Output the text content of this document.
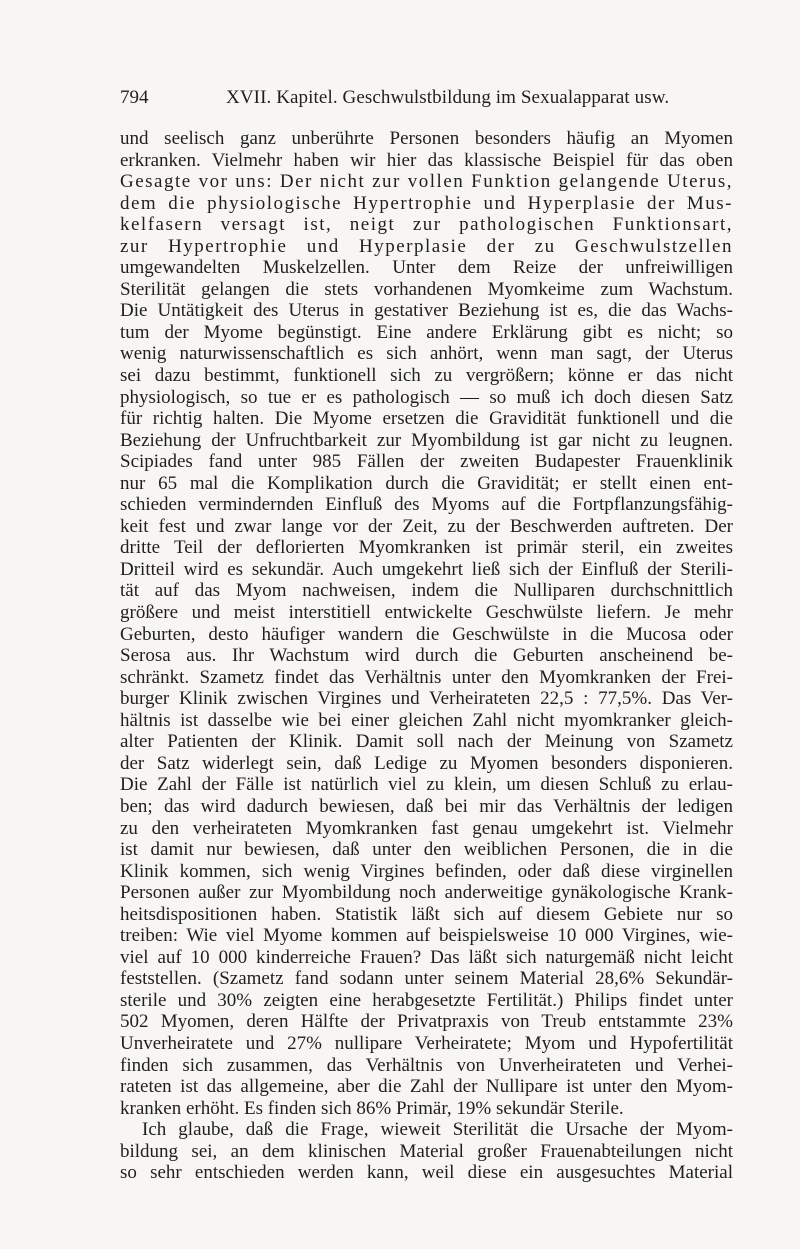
794	XVII. Kapitel. Geschwulstbildung im Sexualapparat usw.
und seelisch ganz unberührte Personen besonders häufig an Myomen
erkranken. Vielmehr haben wir hier das klassische Beispiel für das oben
Gesagte vor uns: Der nicht zur vollen Funktion gelangende Uterus,
dem die physiologische Hypertrophie und Hyperplasie der Mus-
kelfasern versagt ist, neigt zur pathologischen Funktionsart,
zur Hypertrophie und Hyperplasie der zu Geschwulstzellen
umgewandelten Muskelzellen. Unter dem Reize der unfreiwilligen
Sterilität gelangen die stets vorhandenen Myomkeime zum Wachstum.
Die Untätigkeit des Uterus in gestativer Beziehung ist es, die das Wachs-
tum der Myome begünstigt. Eine andere Erklärung gibt es nicht; so
wenig naturwissenschaftlich es sich anhört, wenn man sagt, der Uterus
sei dazu bestimmt, funktionell sich zu vergrößern; könne er das nicht
physiologisch, so tue er es pathologisch — so muß ich doch diesen Satz
für richtig halten. Die Myome ersetzen die Gravidität funktionell und die
Beziehung der Unfruchtbarkeit zur Myombildung ist gar nicht zu leugnen.
Scipiades fand unter 985 Fällen der zweiten Budapester Frauenklinik
nur 65 mal die Komplikation durch die Gravidität; er stellt einen ent-
schieden vermindernden Einfluß des Myoms auf die Fortpflanzungsfähig-
keit fest und zwar lange vor der Zeit, zu der Beschwerden auftreten. Der
dritte Teil der deflorierten Myomkranken ist primär steril, ein zweites
Dritteil wird es sekundär. Auch umgekehrt ließ sich der Einfluß der Sterili-
tät auf das Myom nachweisen, indem die Nulliparen durchschnittlich
größere und meist interstitiell entwickelte Geschwülste liefern. Je mehr
Geburten, desto häufiger wandern die Geschwülste in die Mucosa oder
Serosa aus. Ihr Wachstum wird durch die Geburten anscheinend be-
schränkt. Szametz findet das Verhältnis unter den Myomkranken der Frei-
burger Klinik zwischen Virgines und Verheirateten 22,5 : 77,5%. Das Ver-
hältnis ist dasselbe wie bei einer gleichen Zahl nicht myomkranker gleich-
alter Patienten der Klinik. Damit soll nach der Meinung von Szametz
der Satz widerlegt sein, daß Ledige zu Myomen besonders disponieren.
Die Zahl der Fälle ist natürlich viel zu klein, um diesen Schluß zu erlau-
ben; das wird dadurch bewiesen, daß bei mir das Verhältnis der ledigen
zu den verheirateten Myomkranken fast genau umgekehrt ist. Vielmehr
ist damit nur bewiesen, daß unter den weiblichen Personen, die in die
Klinik kommen, sich wenig Virgines befinden, oder daß diese virginellen
Personen außer zur Myombildung noch anderweitige gynäkologische Krank-
heitsdispositionen haben. Statistik läßt sich auf diesem Gebiete nur so
treiben: Wie viel Myome kommen auf beispielsweise 10 000 Virgines, wie-
viel auf 10 000 kinderreiche Frauen? Das läßt sich naturgemäß nicht leicht
feststellen. (Szametz fand sodann unter seinem Material 28,6% Sekundär-
sterile und 30% zeigten eine herabgesetzte Fertilität.) Philips findet unter
502 Myomen, deren Hälfte der Privatpraxis von Treub entstammte 23%
Unverheiratete und 27% nullipare Verheiratete; Myom und Hypofertilität
finden sich zusammen, das Verhältnis von Unverheirateten und Verhei-
rateten ist das allgemeine, aber die Zahl der Nullipare ist unter den Myom-
kranken erhöht. Es finden sich 86% Primär, 19% sekundär Sterile.
Ich glaube, daß die Frage, wieweit Sterilität die Ursache der Myom-
bildung sei, an dem klinischen Material großer Frauenabteilungen nicht
so sehr entschieden werden kann, weil diese ein ausgesuchtes Material
